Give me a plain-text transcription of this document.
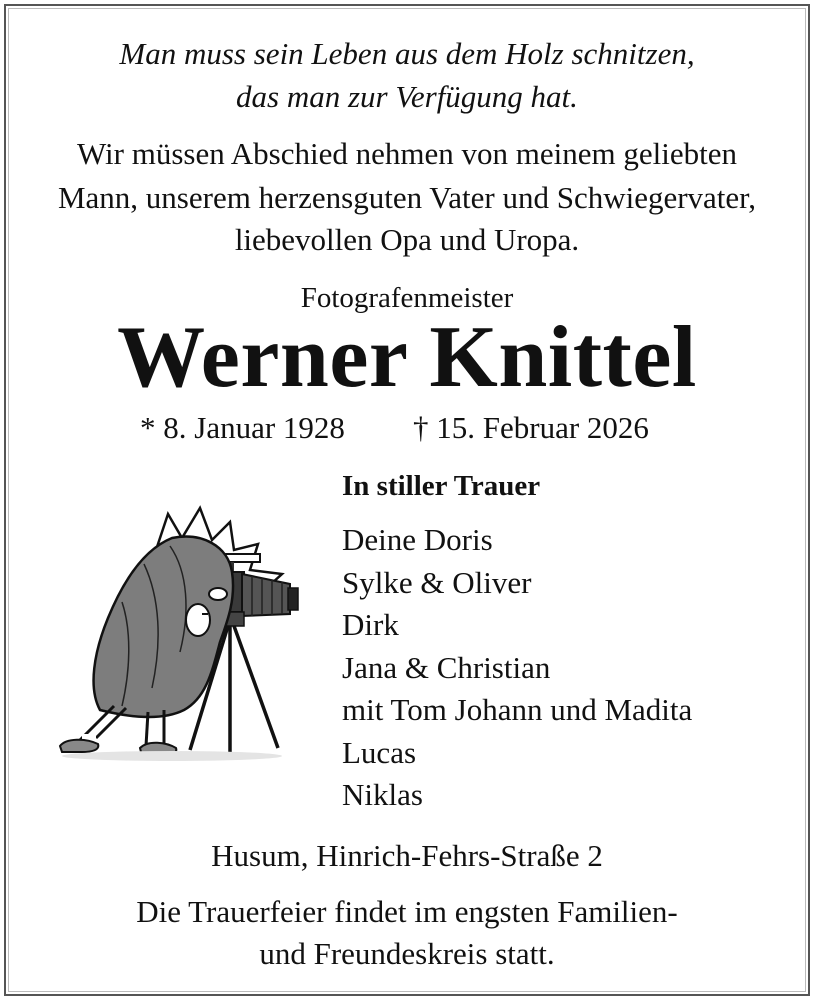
Man muss sein Leben aus dem Holz schnitzen,
das man zur Verfügung hat.
Wir müssen Abschied nehmen von meinem geliebten
Mann, unserem herzensguten Vater und Schwiegervater,
liebevollen Opa und Uropa.
Fotografenmeister
Werner Knittel
* 8. Januar 1928 † 15. Februar 2026
In stiller Trauer
Deine Doris
Sylke & Oliver
Dirk
Jana & Christian
mit Tom Johann und Madita
Lucas
Niklas
Husum, Hinrich-Fehrs-Straße 2
Die Trauerfeier findet im engsten Familien-
und Freundeskreis statt.
